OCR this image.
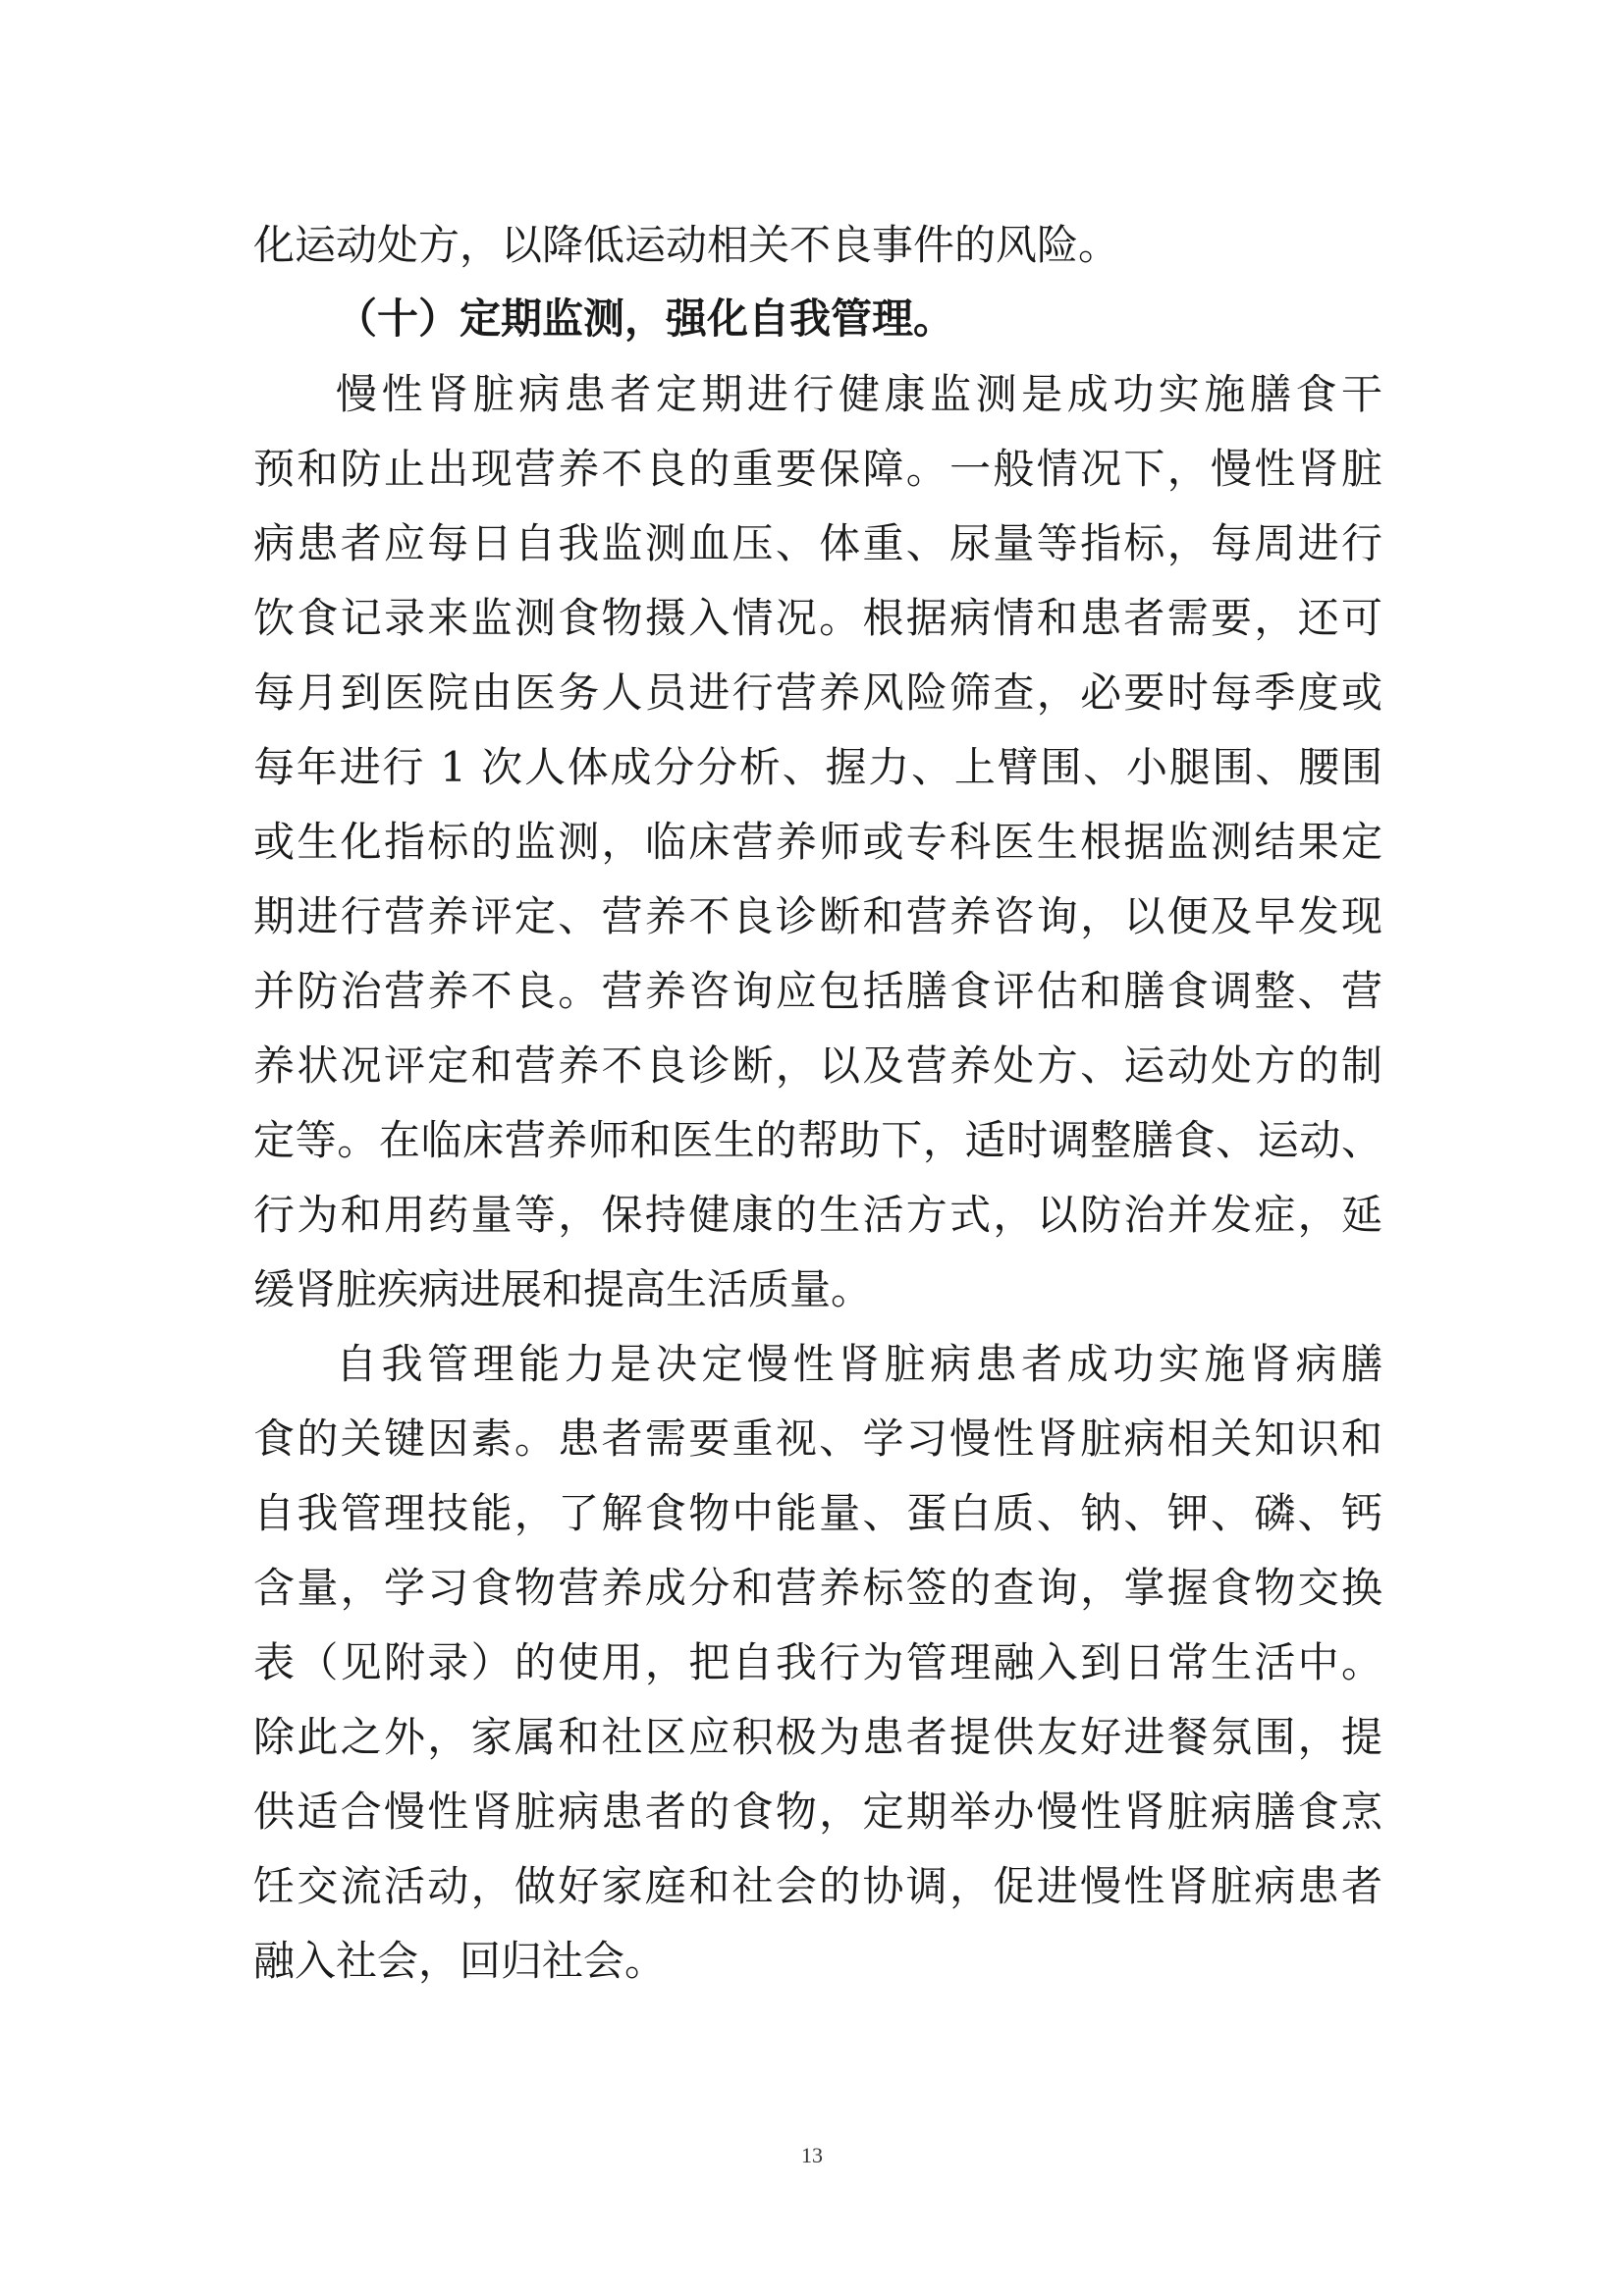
化运动处方，以降低运动相关不良事件的风险。
（十）定期监测，强化自我管理。
慢性肾脏病患者定期进行健康监测是成功实施膳食干
预和防止出现营养不良的重要保障。一般情况下，慢性肾脏
病患者应每日自我监测血压、体重、尿量等指标，每周进行
饮食记录来监测食物摄入情况。根据病情和患者需要，还可
每月到医院由医务人员进行营养风险筛查，必要时每季度或
每年进行 1 次人体成分分析、握力、上臂围、小腿围、腰围
或生化指标的监测，临床营养师或专科医生根据监测结果定
期进行营养评定、营养不良诊断和营养咨询，以便及早发现
并防治营养不良。营养咨询应包括膳食评估和膳食调整、营
养状况评定和营养不良诊断，以及营养处方、运动处方的制
定等。在临床营养师和医生的帮助下，适时调整膳食、运动、
行为和用药量等，保持健康的生活方式，以防治并发症，延
缓肾脏疾病进展和提高生活质量。
自我管理能力是决定慢性肾脏病患者成功实施肾病膳
食的关键因素。患者需要重视、学习慢性肾脏病相关知识和
自我管理技能，了解食物中能量、蛋白质、钠、钾、磷、钙
含量，学习食物营养成分和营养标签的查询，掌握食物交换
表（见附录）的使用，把自我行为管理融入到日常生活中。
除此之外，家属和社区应积极为患者提供友好进餐氛围，提
供适合慢性肾脏病患者的食物，定期举办慢性肾脏病膳食烹
饪交流活动，做好家庭和社会的协调，促进慢性肾脏病患者
融入社会，回归社会。
13
